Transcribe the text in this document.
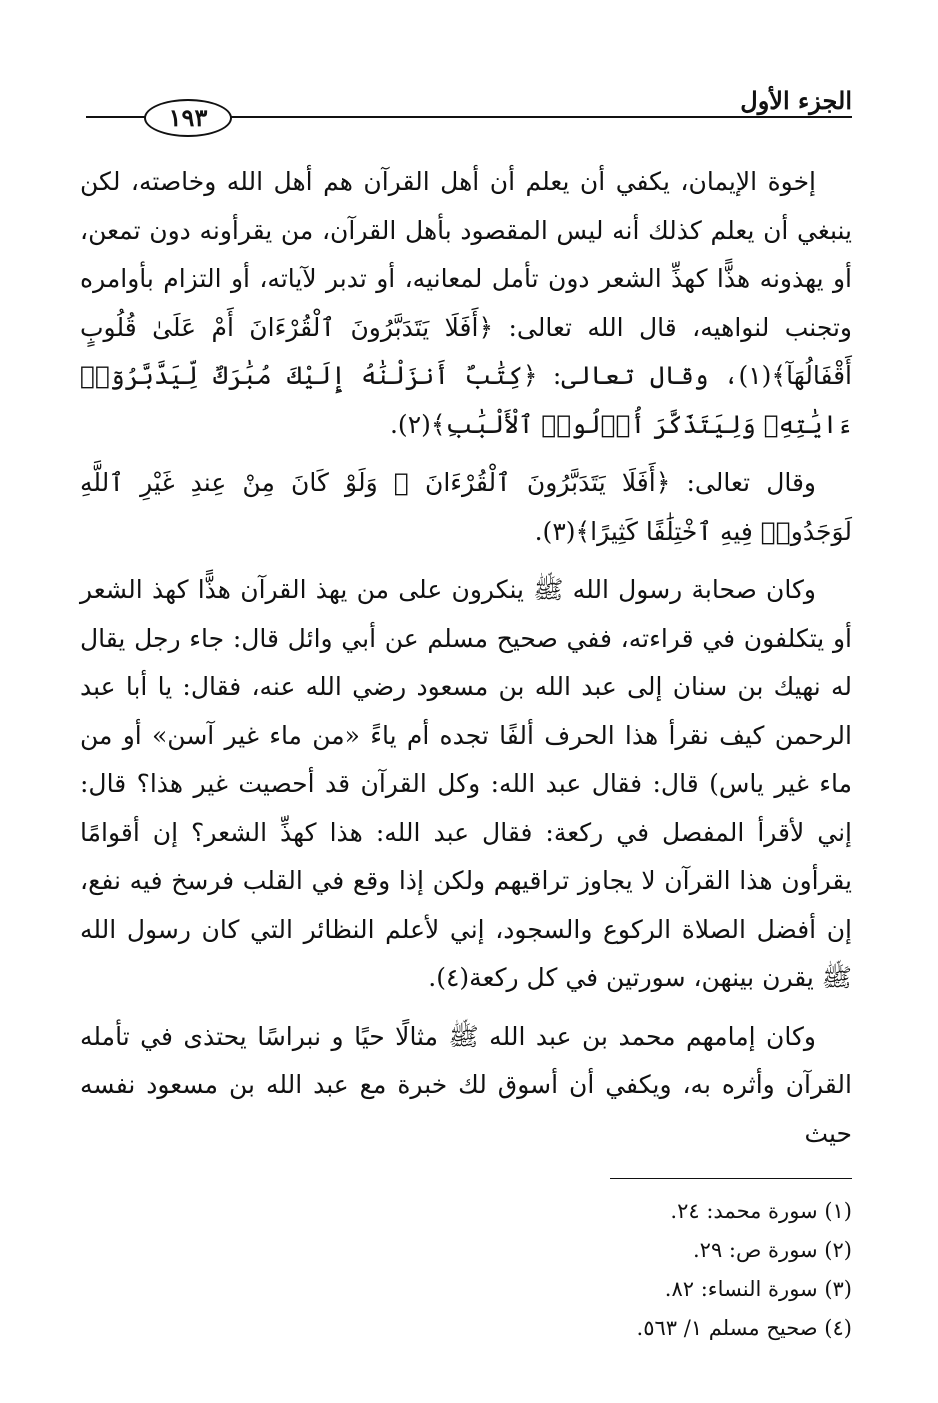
الجزء الأول
١٩٣

إخوة الإيمان، يكفي أن يعلم أن أهل القرآن هم أهل الله وخاصته، لكن ينبغي أن يعلم كذلك أنه ليس المقصود بأهل القرآن، من يقرأونه دون تمعن، أو يهذونه هذًّا كهذِّ الشعر دون تأمل لمعانيه، أو تدبر لآياته، أو التزام بأوامره وتجنب لنواهيه، قال الله تعالى: ﴿أَفَلَا يَتَدَبَّرُونَ ٱلْقُرْءَانَ أَمْ عَلَىٰ قُلُوبٍ أَقْفَالُهَآ﴾(١)، وقال تعالى: ﴿كِتَٰبٌ أَنزَلْنَٰهُ إِلَيْكَ مُبَٰرَكٌ لِّيَدَّبَّرُوٓا۟ ءَايَٰتِهِۦ وَلِيَتَذَكَّرَ أُو۟لُوا۟ ٱلْأَلْبَٰبِ﴾(٢).

وقال تعالى: ﴿أَفَلَا يَتَدَبَّرُونَ ٱلْقُرْءَانَ ۚ وَلَوْ كَانَ مِنْ عِندِ غَيْرِ ٱللَّهِ لَوَجَدُوا۟ فِيهِ ٱخْتِلَٰفًا كَثِيرًا﴾(٣).

وكان صحابة رسول الله ﷺ ينكرون على من يهذ القرآن هذًّا كهذ الشعر أو يتكلفون في قراءته، ففي صحيح مسلم عن أبي وائل قال: جاء رجل يقال له نهيك بن سنان إلى عبد الله بن مسعود رضي الله عنه، فقال: يا أبا عبد الرحمن كيف نقرأ هذا الحرف ألفًا تجده أم ياءً «من ماء غير آسن» أو من ماء غير ياس) قال: فقال عبد الله: وكل القرآن قد أحصيت غير هذا؟ قال: إني لأقرأ المفصل في ركعة: فقال عبد الله: هذا كهذِّ الشعر؟ إن أقوامًا يقرأون هذا القرآن لا يجاوز تراقيهم ولكن إذا وقع في القلب فرسخ فيه نفع، إن أفضل الصلاة الركوع والسجود، إني لأعلم النظائر التي كان رسول الله ﷺ يقرن بينهن، سورتين في كل ركعة(٤).

وكان إمامهم محمد بن عبد الله ﷺ مثالًا حيًا و نبراسًا يحتذى في تأمله القرآن وأثره به، ويكفي أن أسوق لك خبرة مع عبد الله بن مسعود نفسه حيث

(١) سورة محمد: ٢٤.
(٢) سورة ص: ٢٩.
(٣) سورة النساء: ٨٢.
(٤) صحيح مسلم ١/ ٥٦٣.
